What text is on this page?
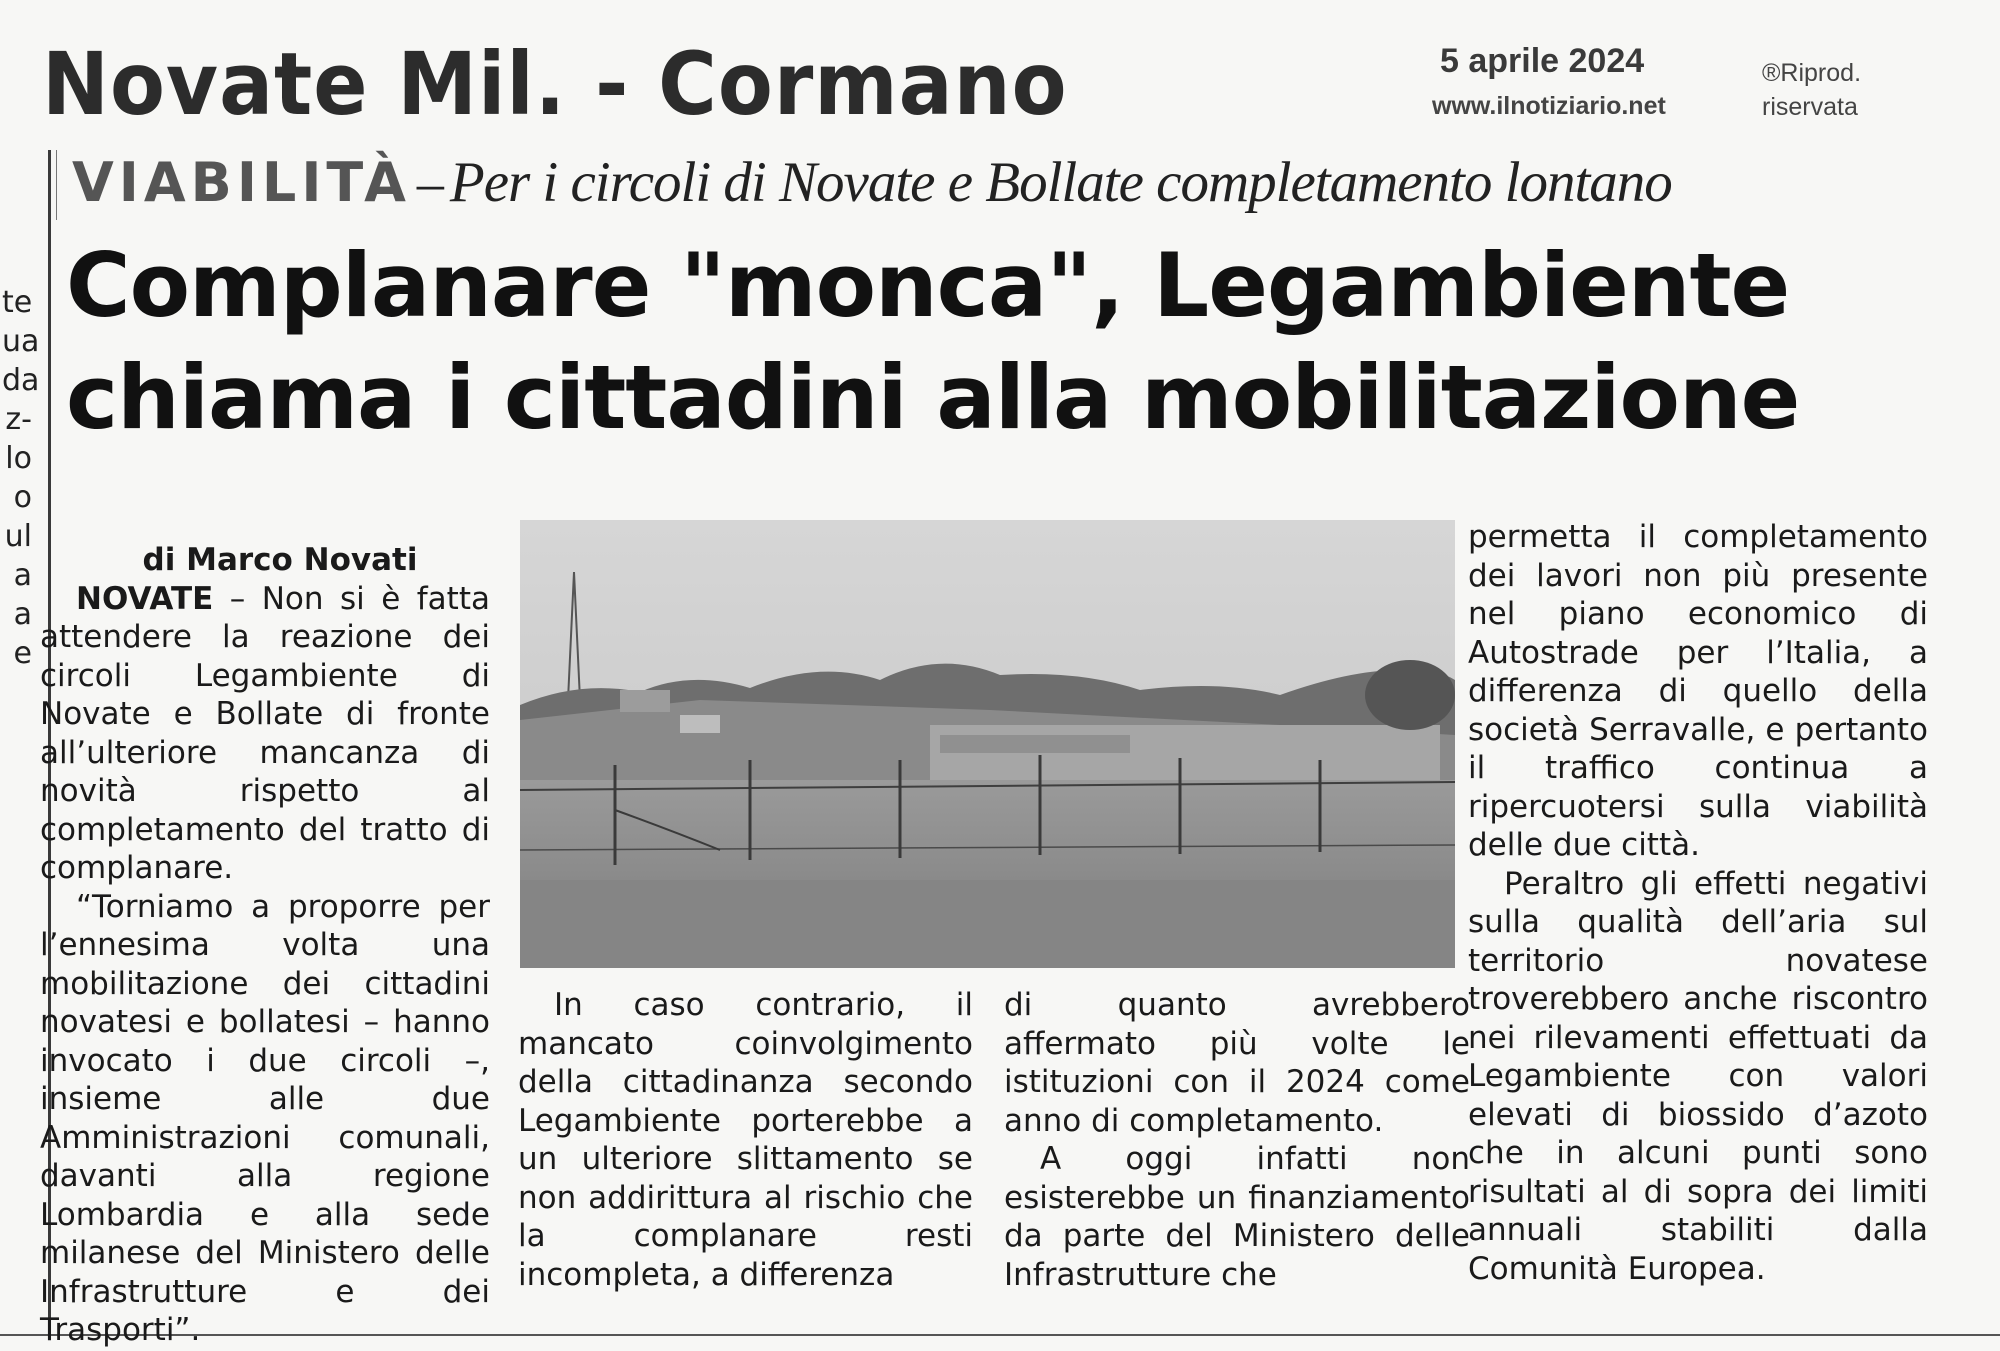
Novate Mil. - Cormano	5 aprile 2024
www.ilnotiziario.net
®Riprod.
riservata
te
ua
da
z-
lo
o
ul
a
a
e
VIABILITÀ – Per i circoli di Novate e Bollate completamento lontano
Complanare "monca", Legambiente
chiama i cittadini alla mobilitazione

di Marco Novati

NOVATE – Non si è fatta attendere la reazione dei circoli Legambiente di Novate e Bollate di fronte all’ulteriore mancanza di novità rispetto al completamento del tratto di complanare.

“Torniamo a proporre per l’ennesima volta una mobilitazione dei cittadini novatesi e bollatesi – hanno invocato i due circoli –, insieme alle due Amministrazioni comunali, davanti alla regione Lombardia e alla sede milanese del Ministero delle Infrastrutture e dei Trasporti”.

In caso contrario, il mancato coinvolgimento della cittadinanza secondo Legambiente porterebbe a un ulteriore slittamento se non addirittura al rischio che la complanare resti incompleta, a differenza

di quanto avrebbero affermato più volte le istituzioni con il 2024 come anno di completamento.

A oggi infatti non esisterebbe un finanziamento da parte del Ministero delle Infrastrutture che

permetta il completamento dei lavori non più presente nel piano economico di Autostrade per l’Italia, a differenza di quello della società Serravalle, e pertanto il traffico continua a ripercuotersi sulla viabilità delle due città.

Peraltro gli effetti negativi sulla qualità dell’aria sul territorio novatese troverebbero anche riscontro nei rilevamenti effettuati da Legambiente con valori elevati di biossido d’azoto che in alcuni punti sono risultati al di sopra dei limiti annuali stabiliti dalla Comunità Europea.
